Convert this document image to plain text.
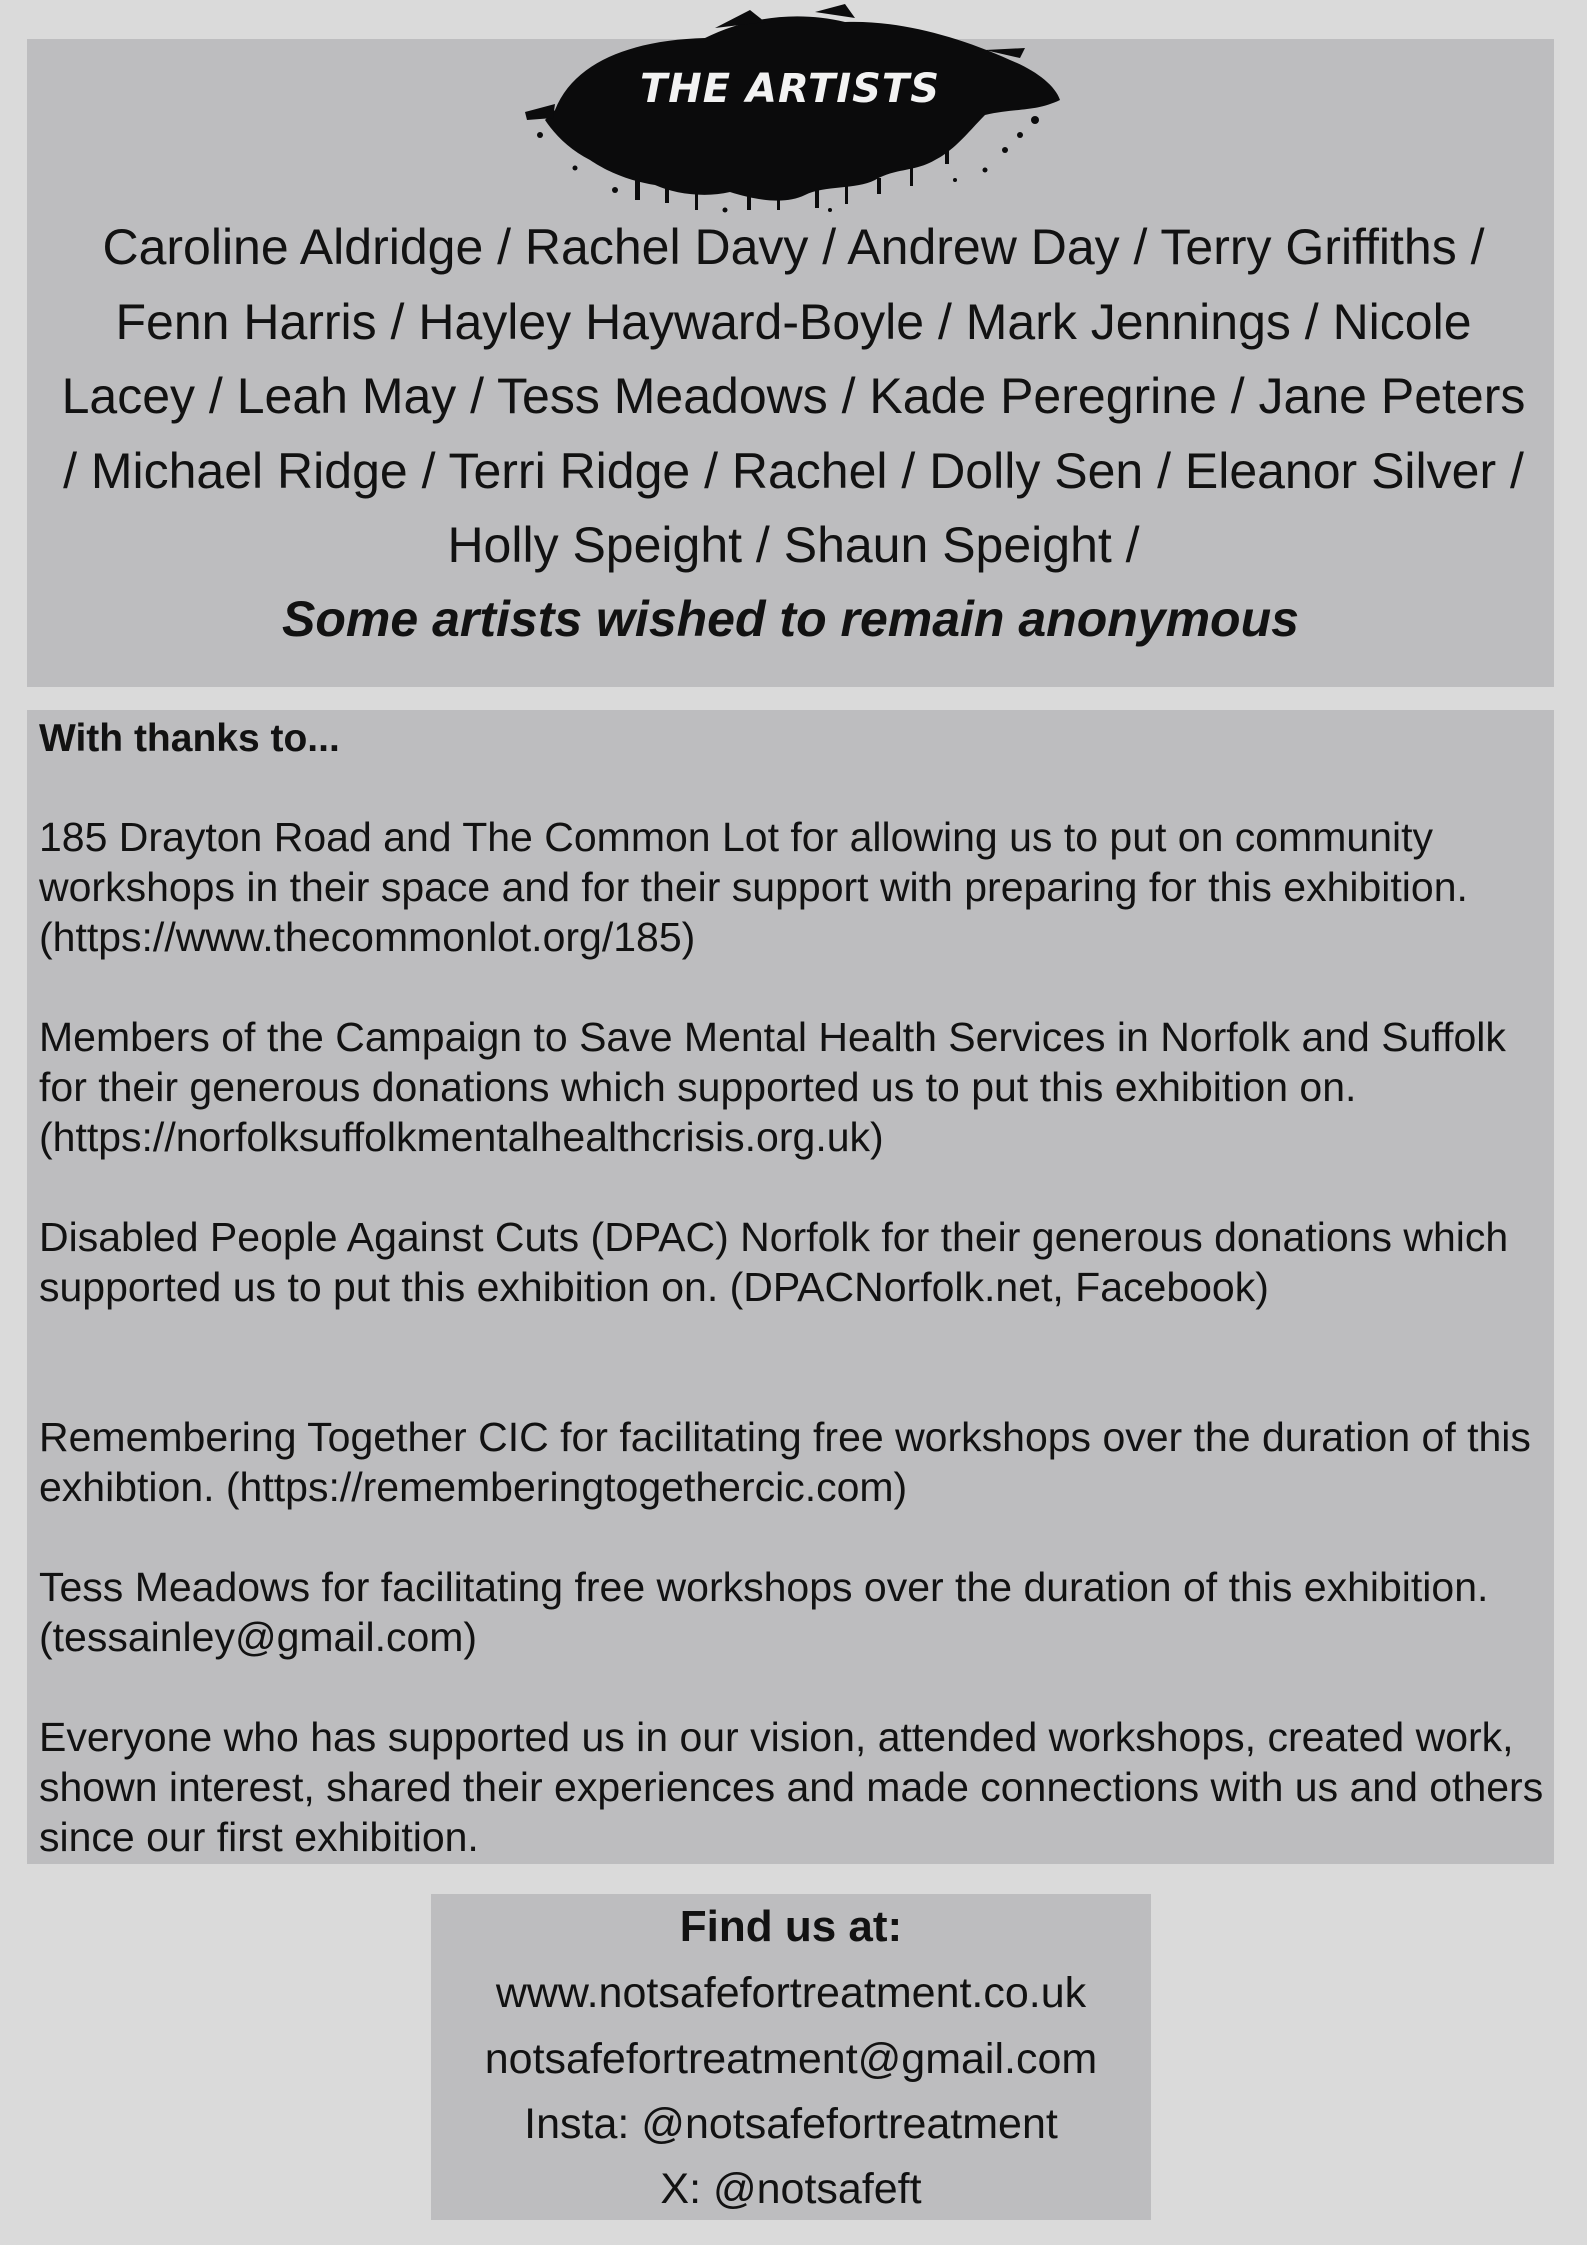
THE ARTISTS

Caroline Aldridge / Rachel Davy / Andrew Day / Terry Griffiths / Fenn Harris / Hayley Hayward-Boyle / Mark Jennings / Nicole Lacey / Leah May / Tess Meadows / Kade Peregrine / Jane Peters / Michael Ridge / Terri Ridge / Rachel / Dolly Sen / Eleanor Silver / Holly Speight / Shaun Speight /

Some artists wished to remain anonymous

With thanks to...

185 Drayton Road and The Common Lot for allowing us to put on community workshops in their space and for their support with preparing for this exhibition. (https://www.thecommonlot.org/185)

Members of the Campaign to Save Mental Health Services in Norfolk and Suffolk for their generous donations which supported us to put this exhibition on. (https://norfolksuffolkmentalhealthcrisis.org.uk)

Disabled People Against Cuts (DPAC) Norfolk for their generous donations which supported us to put this exhibition on. (DPACNorfolk.net, Facebook)

Remembering Together CIC for facilitating free workshops over the duration of this exhibtion. (https://rememberingtogethercic.com)

Tess Meadows for facilitating free workshops over the duration of this exhibition. (tessainley@gmail.com)

Everyone who has supported us in our vision, attended workshops, created work, shown interest, shared their experiences and made connections with us and others since our first exhibition.

Find us at:

www.notsafefortreatment.co.uk

notsafefortreatment@gmail.com

Insta: @notsafefortreatment

X: @notsafeft
